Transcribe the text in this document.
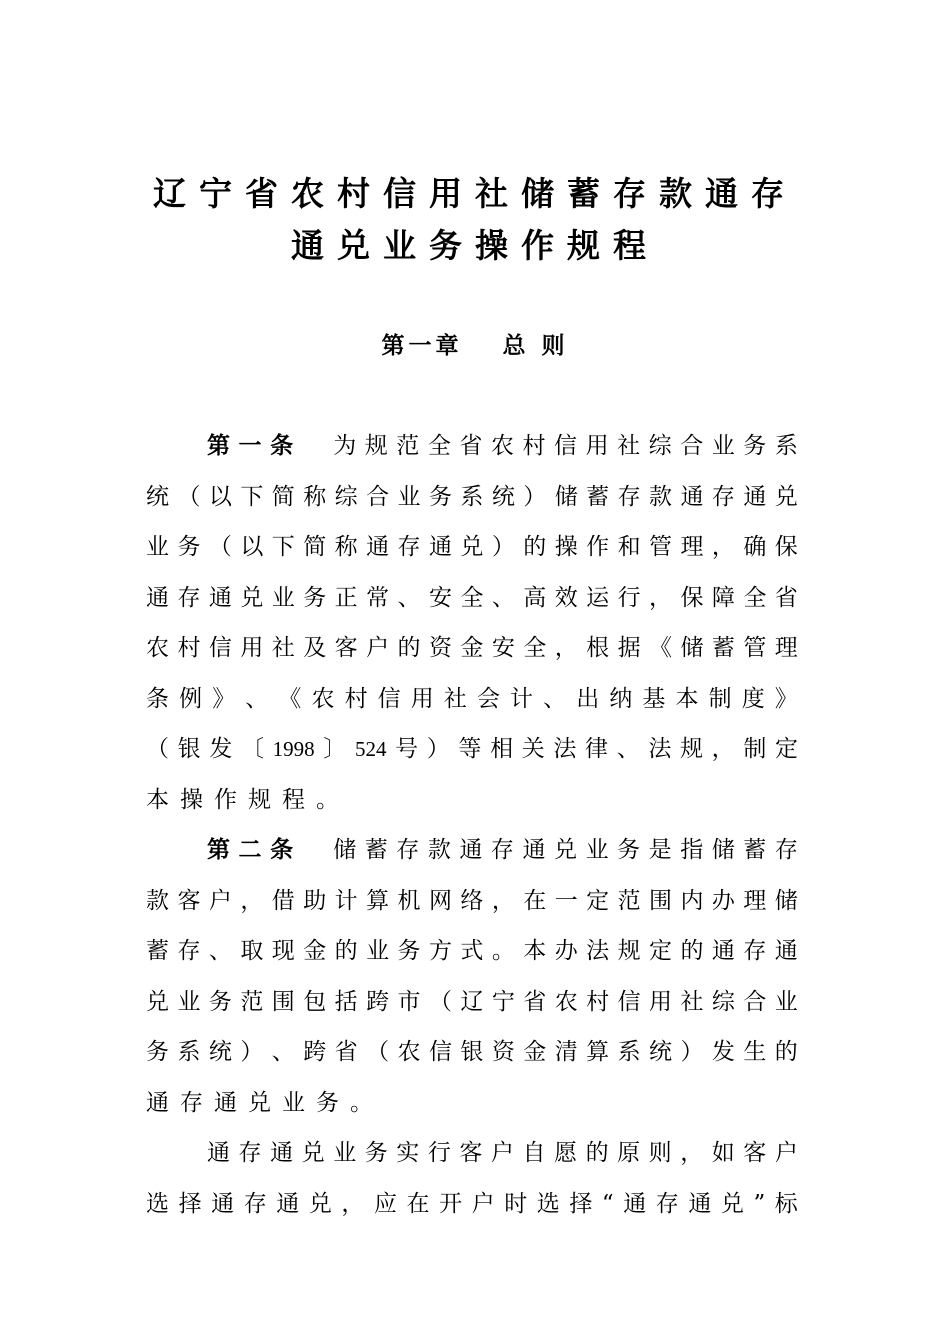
辽宁省农村信用社储蓄存款通存
通兑业务操作规程
第一章 总 则
第 一 条
　 为 规 范 全 省 农 村 信 用 社 综 合 业 务 系
统 （ 以 下 简 称 综 合 业 务 系 统 ） 储 蓄 存 款 通 存 通 兑
业 务 （ 以 下 简 称 通 存 通 兑 ） 的 操 作 和 管 理 ， 确 保
通 存 通 兑 业 务 正 常 、 安 全 、 高 效 运 行 ， 保 障 全 省
农 村 信 用 社 及 客 户 的 资 金 安 全 ， 根 据 《 储 蓄 管 理
条 例 》 、 《 农 村 信 用 社 会 计 、 出 纳 基 本 制 度 》
（ 银 发 〔 1998 〕 524 号 ） 等 相 关 法 律 、 法 规 ， 制 定
本 操 作 规 程 。
第 二 条
　 储 蓄 存 款 通 存 通 兑 业 务 是 指 储 蓄 存
款 客 户 ， 借 助 计 算 机 网 络 ， 在 一 定 范 围 内 办 理 储
蓄 存 、 取 现 金 的 业 务 方 式 。 本 办 法 规 定 的 通 存 通
兑 业 务 范 围 包 括 跨 市 （ 辽 宁 省 农 村 信 用 社 综 合 业
务 系 统 ） 、 跨 省 （ 农 信 银 资 金 清 算 系 统 ） 发 生 的
通 存 通 兑 业 务 。
通 存 通 兑 业 务 实 行 客 户 自 愿 的 原 则 ， 如 客 户
选 择 通 存 通 兑 ， 应 在 开 户 时 选 择 “ 通 存 通 兑 ” 标
